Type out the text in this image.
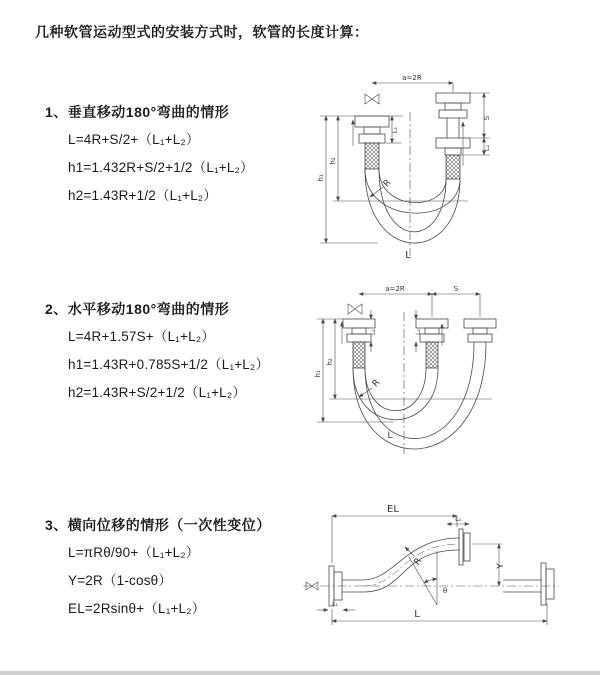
几种软管运动型式的安装方式时，软管的长度计算：
1、垂直移动180°弯曲的情形
L=4R+S/2+（L₁+L₂）
h1=1.432R+S/2+1/2（L₁+L₂）
h2=1.43R+1/2（L₁+L₂）
2、水平移动180°弯曲的情形
L=4R+1.57S+（L₁+L₂）
h1=1.43R+0.785S+1/2（L₁+L₂）
h2=1.43R+S/2+1/2（L₁+L₂）
3、横向位移的情形（一次性变位）
L=πRθ/90+（L₁+L₂）
Y=2R（1-cosθ）
EL=2Rsinθ+（L₁+L₂）
a=2R
h₁
h₂
L₁
S
L₂
R
L
a=2R	S
L₁	L₂
h₁
h₂
R
L
EL
L₂
Y
R
θ
L
L₁
